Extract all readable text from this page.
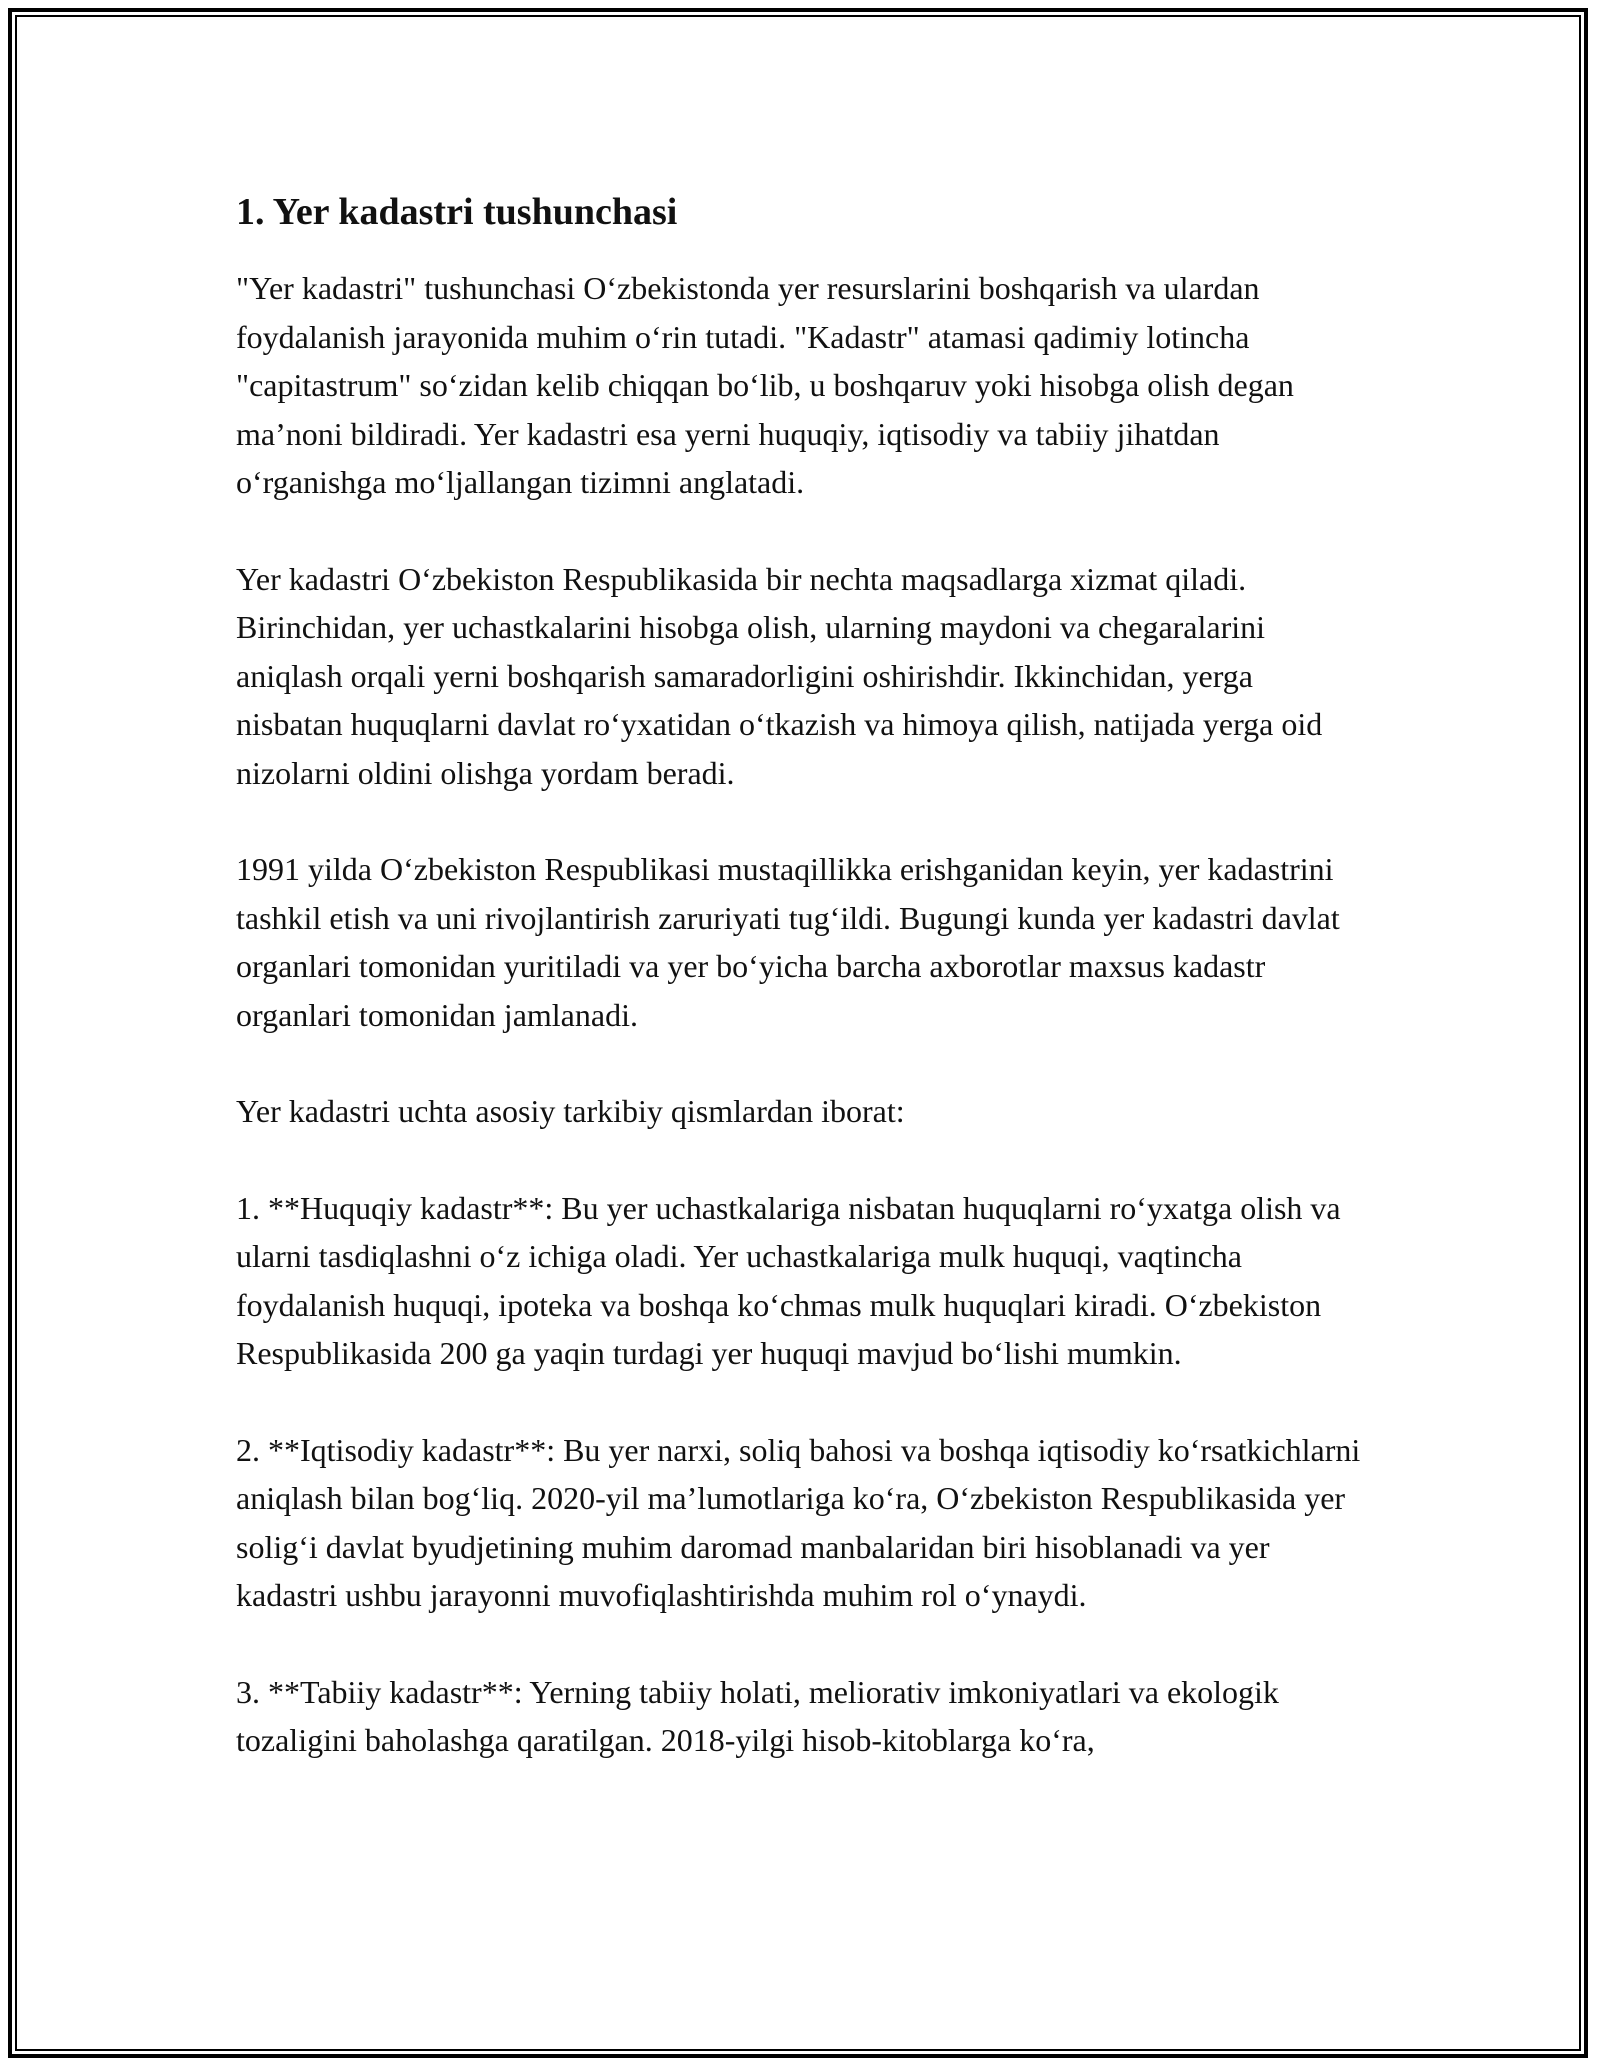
1. Yer kadastri tushunchasi

"Yer kadastri" tushunchasi O‘zbekistonda yer resurslarini boshqarish va ulardan foydalanish jarayonida muhim o‘rin tutadi. "Kadastr" atamasi qadimiy lotincha "capitastrum" so‘zidan kelib chiqqan bo‘lib, u boshqaruv yoki hisobga olish degan ma’noni bildiradi. Yer kadastri esa yerni huquqiy, iqtisodiy va tabiiy jihatdan o‘rganishga mo‘ljallangan tizimni anglatadi.

Yer kadastri O‘zbekiston Respublikasida bir nechta maqsadlarga xizmat qiladi. Birinchidan, yer uchastkalarini hisobga olish, ularning maydoni va chegaralarini aniqlash orqali yerni boshqarish samaradorligini oshirishdir. Ikkinchidan, yerga nisbatan huquqlarni davlat ro‘yxatidan o‘tkazish va himoya qilish, natijada yerga oid nizolarni oldini olishga yordam beradi.

1991 yilda O‘zbekiston Respublikasi mustaqillikka erishganidan keyin, yer kadastrini tashkil etish va uni rivojlantirish zaruriyati tug‘ildi. Bugungi kunda yer kadastri davlat organlari tomonidan yuritiladi va yer bo‘yicha barcha axborotlar maxsus kadastr organlari tomonidan jamlanadi.

Yer kadastri uchta asosiy tarkibiy qismlardan iborat:

1. **Huquqiy kadastr**: Bu yer uchastkalariga nisbatan huquqlarni ro‘yxatga olish va ularni tasdiqlashni o‘z ichiga oladi. Yer uchastkalariga mulk huquqi, vaqtincha foydalanish huquqi, ipoteka va boshqa ko‘chmas mulk huquqlari kiradi. O‘zbekiston Respublikasida 200 ga yaqin turdagi yer huquqi mavjud bo‘lishi mumkin.

2. **Iqtisodiy kadastr**: Bu yer narxi, soliq bahosi va boshqa iqtisodiy ko‘rsatkichlarni aniqlash bilan bog‘liq. 2020-yil ma’lumotlariga ko‘ra, O‘zbekiston Respublikasida yer solig‘i davlat byudjetining muhim daromad manbalaridan biri hisoblanadi va yer kadastri ushbu jarayonni muvofiqlashtirishda muhim rol o‘ynaydi.

3. **Tabiiy kadastr**: Yerning tabiiy holati, meliorativ imkoniyatlari va ekologik tozaligini baholashga qaratilgan. 2018-yilgi hisob-kitoblarga ko‘ra,
